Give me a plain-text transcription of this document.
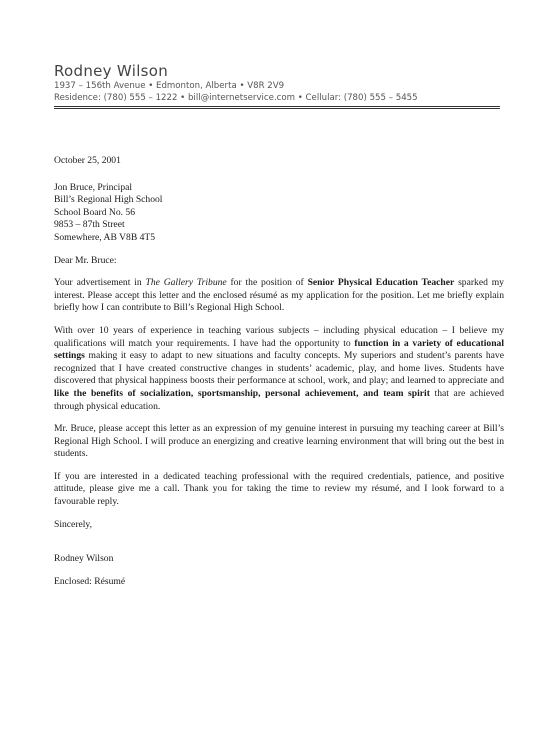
Rodney Wilson
1937 – 156th Avenue • Edmonton, Alberta • V8R 2V9
Residence: (780) 555 – 1222 • bill@internetservice.com • Cellular: (780) 555 – 5455
October 25, 2001
Jon Bruce, Principal
Bill’s Regional High School
School Board No. 56
9853 – 87th Street
Somewhere, AB V8B 4T5
Dear Mr. Bruce:

Your advertisement in The Gallery Tribune for the position of Senior Physical Education Teacher sparked my interest. Please accept this letter and the enclosed résumé as my application for the position. Let me briefly explain briefly how I can contribute to Bill’s Regional High School.

With over 10 years of experience in teaching various subjects – including physical education – I believe my qualifications will match your requirements. I have had the opportunity to function in a variety of educational settings making it easy to adapt to new situations and faculty concepts. My superiors and student’s parents have recognized that I have created constructive changes in students’ academic, play, and home lives. Students have discovered that physical happiness boosts their performance at school, work, and play; and learned to appreciate and like the benefits of socialization, sportsmanship, personal achievement, and team spirit that are achieved through physical education.

Mr. Bruce, please accept this letter as an expression of my genuine interest in pursuing my teaching career at Bill’s Regional High School. I will produce an energizing and creative learning environment that will bring out the best in students.

If you are interested in a dedicated teaching professional with the required credentials, patience, and positive attitude, please give me a call. Thank you for taking the time to review my résumé, and I look forward to a favourable reply.

Sincerely,
Rodney Wilson
Enclosed: Résumé
